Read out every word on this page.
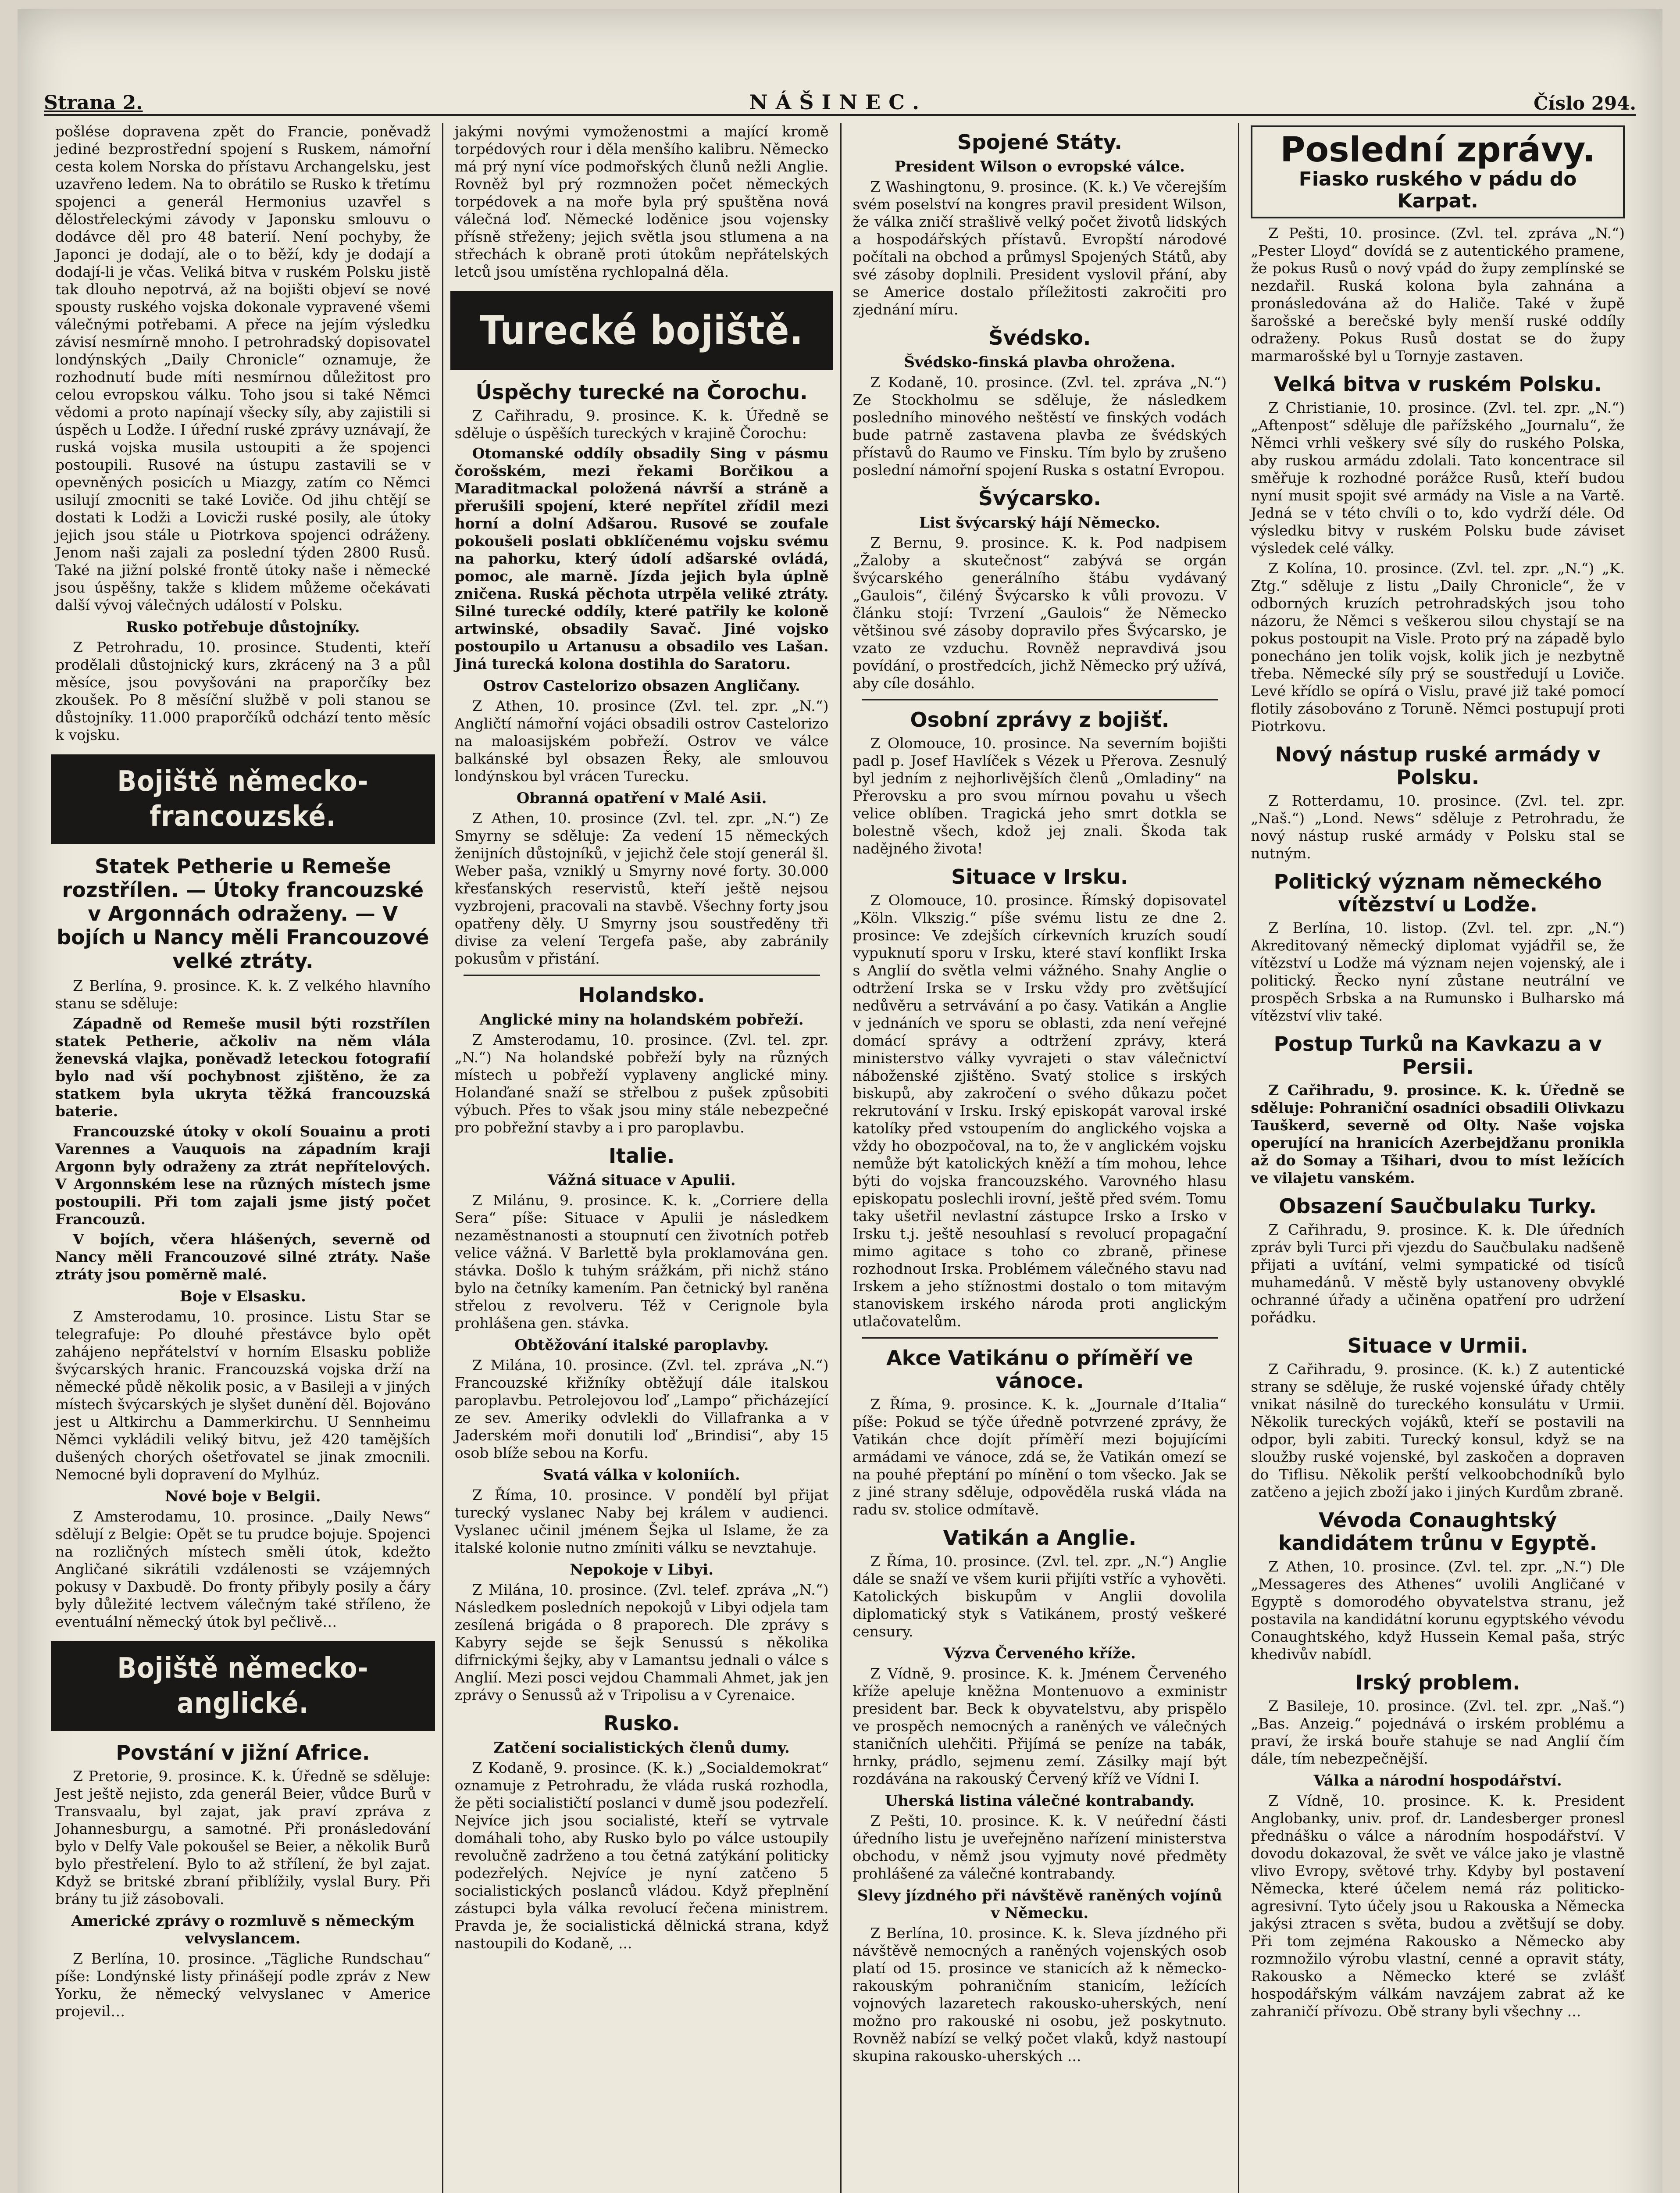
Strana 2.	NÁŠINEC.	Číslo 294.

pošlése dopravena zpět do Francie, poněvadž jediné bezprostřední spojení s Ruskem, námořní cesta kolem Norska do přístavu Archangelsku, jest uzavřeno ledem. Na to obrátilo se Rusko k třetímu spojenci a generál Hermonius uzavřel s dělostřeleckými závody v Japonsku smlouvu o dodávce děl pro 48 baterií. Není pochyby, že Japonci je dodají, ale o to běží, kdy je dodají a dodají-li je včas. Veliká bitva v ruském Polsku jistě tak dlouho nepotrvá, až na bojišti objeví se nové spousty ruského vojska dokonale vypravené všemi válečnými potřebami. A přece na jejím výsledku závisí nesmírně mnoho. I petrohradský dopisovatel londýnských „Daily Chronicle“ oznamuje, že rozhodnutí bude míti nesmírnou důležitost pro celou evropskou válku. Toho jsou si také Němci vědomi a proto napínají všecky síly, aby zajistili si úspěch u Lodže. I úřední ruské zprávy uznávají, že ruská vojska musila ustoupiti a že spojenci postoupili. Rusové na ústupu zastavili se v opevněných posicích u Miazgy, zatím co Němci usilují zmocniti se také Loviče. Od jihu chtějí se dostati k Lodži a Lovicži ruské posily, ale útoky jejich jsou stále u Piotrkova spojenci odráženy. Jenom naši zajali za poslední týden 2800 Rusů. Také na jižní polské frontě útoky naše i německé jsou úspěšny, takže s klidem můžeme očekávati další vývoj válečných událostí v Polsku.

Rusko potřebuje důstojníky.

Z Petrohradu, 10. prosince. Studenti, kteří prodělali důstojnický kurs, zkrácený na 3 a půl měsíce, jsou povyšováni na praporčíky bez zkoušek. Po 8 měsíční službě v poli stanou se důstojníky. 11.000 praporčíků odchází tento měsíc k vojsku.

Bojiště německo-francouzské.
Statek Petherie u Remeše rozstřílen. — Útoky francouzské v Argonnách odraženy. — V bojích u Nancy měli Francouzové velké ztráty.

Z Berlína, 9. prosince. K. k. Z velkého hlavního stanu se sděluje:

Západně od Remeše musil býti rozstřílen statek Petherie, ačkoliv na něm vlála ženevská vlajka, poněvadž leteckou fotografií bylo nad vší pochybnost zjištěno, že za statkem byla ukryta těžká francouzská baterie.

Francouzské útoky v okolí Souainu a proti Varennes a Vauquois na západním kraji Argonn byly odraženy za ztrát nepřítelových. V Argonnském lese na různých místech jsme postoupili. Při tom zajali jsme jistý počet Francouzů.

V bojích, včera hlášených, severně od Nancy měli Francouzové silné ztráty. Naše ztráty jsou poměrně malé.

Boje v Elsasku.

Z Amsterodamu, 10. prosince. Listu Star se telegrafuje: Po dlouhé přestávce bylo opět zahájeno nepřátelství v horním Elsasku pobliže švýcarských hranic. Francouzská vojska drží na německé půdě několik posic, a v Basileji a v jiných místech švýcarských je slyšet dunění děl. Bojováno jest u Altkirchu a Dammerkirchu. U Sennheimu Němci vykládili veliký bitvu, jež 420 tamějších dušených chorých ošetřovatel se jinak zmocnili. Nemocné byli dopravení do Mylhúz.

Nové boje v Belgii.

Z Amsterodamu, 10. prosince. „Daily News“ sdělují z Belgie: Opět se tu prudce bojuje. Spojenci na rozličných místech směli útok, kdežto Angličané sikrátili vzdálenosti se vzájemných pokusy v Daxbudě. Do fronty přibyly posily a čáry byly důležité lectvem válečným také stříleno, že eventuální německý útok byl pečlivě…

Bojiště německo-anglické.
Povstání v jižní Africe.

Z Pretorie, 9. prosince. K. k. Úředně se sděluje: Jest ještě nejisto, zda generál Beier, vůdce Burů v Transvaalu, byl zajat, jak praví zpráva z Johannesburgu, a samotné. Při pronásledování bylo v Delfy Vale pokoušel se Beier, a několik Burů bylo přestřelení. Bylo to až střílení, že byl zajat. Když se britské zbraní přiblížily, vyslal Bury. Při brány tu již zásobovali.

Americké zprávy o rozmluvě s německým velvyslancem.

Z Berlína, 10. prosince. „Tägliche Rundschau“ píše: Londýnské listy přinášejí podle zpráv z New Yorku, že německý velvyslanec v Americe projevil…

jakými novými vymoženostmi a mající kromě torpédových rour i děla menšího kalibru. Německo má prý nyní více podmořských člunů nežli Anglie. Rovněž byl prý rozmnožen počet německých torpédovek a na moře byla prý spuštěna nová válečná loď. Německé loděnice jsou vojensky přísně střeženy; jejich světla jsou stlumena a na střechách k obraně proti útokům nepřátelských letců jsou umístěna rychlopalná děla.

Turecké bojiště.
Úspěchy turecké na Čorochu.

Z Cařihradu, 9. prosince. K. k. Úředně se sděluje o úspěších tureckých v krajině Čorochu:

Otomanské oddíly obsadily Sing v pásmu čorošském, mezi řekami Borčikou a Maraditmackal položená návrší a stráně a přerušili spojení, které nepřítel zřídil mezi horní a dolní Adšarou. Rusové se zoufale pokoušeli poslati obklíčenému vojsku svému na pahorku, který údolí adšarské ovládá, pomoc, ale marně. Jízda jejich byla úplně zničena. Ruská pěchota utrpěla veliké ztráty. Silné turecké oddíly, které patřily ke koloně artwinské, obsadily Savač. Jiné vojsko postoupilo u Artanusu a obsadilo ves Lašan. Jiná turecká kolona dostihla do Saratoru.

Ostrov Castelorizo obsazen Angličany.

Z Athen, 10. prosince (Zvl. tel. zpr. „N.“) Angličtí námořní vojáci obsadili ostrov Castelorizo na maloasijském pobřeží. Ostrov ve válce balkánské byl obsazen Řeky, ale smlouvou londýnskou byl vrácen Turecku.

Obranná opatření v Malé Asii.

Z Athen, 10. prosince (Zvl. tel. zpr. „N.“) Ze Smyrny se sděluje: Za vedení 15 německých ženijních důstojníků, v jejichž čele stojí generál šl. Weber paša, vzniklý u Smyrny nové forty. 30.000 křesťanských reservistů, kteří ještě nejsou vyzbrojeni, pracovali na stavbě. Všechny forty jsou opatřeny děly. U Smyrny jsou soustředěny tři divise za velení Tergefa paše, aby zabránily pokusům v přistání.

Holandsko.
Anglické miny na holandském pobřeží.

Z Amsterodamu, 10. prosince. (Zvl. tel. zpr. „N.“) Na holandské pobřeží byly na různých místech u pobřeží vyplaveny anglické miny. Holanďané snaží se střelbou z pušek způsobiti výbuch. Přes to však jsou miny stále nebezpečné pro pobřežní stavby a i pro paroplavbu.

Italie.
Vážná situace v Apulii.

Z Milánu, 9. prosince. K. k. „Corriere della Sera“ píše: Situace v Apulii je následkem nezaměstnanosti a stoupnutí cen životních potřeb velice vážná. V Barlettě byla proklamována gen. stávka. Došlo k tuhým srážkám, při nichž stáno bylo na četníky kamením. Pan četnický byl raněna střelou z revolveru. Též v Cerignole byla prohlášena gen. stávka.

Obtěžování italské paroplavby.

Z Milána, 10. prosince. (Zvl. tel. zpráva „N.“) Francouzské křižníky obtěžují dále italskou paroplavbu. Petrolejovou loď „Lampo“ přicházející ze sev. Ameriky odvlekli do Villafranka a v Jaderském moři donutili loď „Brindisi“, aby 15 osob blíže sebou na Korfu.

Svatá válka v koloniích.

Z Říma, 10. prosince. V pondělí byl přijat turecký vyslanec Naby bej králem v audienci. Vyslanec učinil jménem Šejka ul Islame, že za italské kolonie nutno zmíniti válku se nevztahuje.

Nepokoje v Libyi.

Z Milána, 10. prosince. (Zvl. telef. zpráva „N.“) Následkem posledních nepokojů v Libyi odjela tam zesílená brigáda o 8 praporech. Dle zprávy s Kabyry sejde se šejk Senussú s několika difrnickými šejky, aby v Lamantsu jednali o válce s Anglií. Mezi posci vejdou Chammali Ahmet, jak jen zprávy o Senussů až v Tripolisu a v Cyrenaice.

Rusko.
Zatčení socialistických členů dumy.

Z Kodaně, 9. prosince. (K. k.) „Socialdemokrat“ oznamuje z Petrohradu, že vláda ruská rozhodla, že pěti socialističtí poslanci v dumě jsou podezřelí. Nejvíce jich jsou socialisté, kteří se vytrvale domáhali toho, aby Rusko bylo po válce ustoupily revolučně zadrženo a tou četná zatýkání politicky podezřelých. Nejvíce je nyní zatčeno 5 socialistických poslanců vládou. Když přeplnění zástupci byla válka revolucí řečena ministrem. Pravda je, že socialistická dělnická strana, když nastoupili do Kodaně, ...

Spojené Státy.
President Wilson o evropské válce.

Z Washingtonu, 9. prosince. (K. k.) Ve včerejším svém poselství na kongres pravil president Wilson, že válka zničí strašlivě velký počet životů lidských a hospodářských přístavů. Evropští národové počítali na obchod a průmysl Spojených Států, aby své zásoby doplnili. President vyslovil přání, aby se Americe dostalo příležitosti zakročiti pro zjednání míru.

Švédsko.
Švédsko-finská plavba ohrožena.

Z Kodaně, 10. prosince. (Zvl. tel. zpráva „N.“) Ze Stockholmu se sděluje, že následkem posledního minového neštěstí ve finských vodách bude patrně zastavena plavba ze švédských přístavů do Raumo ve Finsku. Tím bylo by zrušeno poslední námořní spojení Ruska s ostatní Evropou.

Švýcarsko.
List švýcarský hájí Německo.

Z Bernu, 9. prosince. K. k. Pod nadpisem „Žaloby a skutečnost“ zabývá se orgán švýcarského generálního štábu vydávaný „Gaulois“, čiléný Švýcarsko k vůli provozu. V článku stojí: Tvrzení „Gaulois“ že Německo většinou své zásoby dopravilo přes Švýcarsko, je vzato ze vzduchu. Rovněž nepravdivá jsou povídání, o prostředcích, jichž Německo prý užívá, aby cíle dosáhlo.

Osobní zprávy z bojišť.

Z Olomouce, 10. prosince. Na severním bojišti padl p. Josef Havlíček s Vézek u Přerova. Zesnulý byl jedním z nejhorlivějších členů „Omladiny“ na Přerovsku a pro svou mírnou povahu u všech velice oblíben. Tragická jeho smrt dotkla se bolestně všech, kdož jej znali. Škoda tak nadějného života!

Situace v Irsku.

Z Olomouce, 10. prosince. Římský dopisovatel „Köln. Vlkszig.“ píše svému listu ze dne 2. prosince: Ve zdejších církevních kruzích soudí vypuknutí sporu v Irsku, které staví konflikt Irska s Anglií do světla velmi vážného. Snahy Anglie o odtržení Irska se v Irsku vždy pro zvětšující nedůvěru a setrvávání a po časy. Vatikán a Anglie v jednáních ve sporu se oblasti, zda není veřejné domácí správy a odtržení zprávy, která ministerstvo války vyvrajeti o stav válečnictví náboženské zjištěno. Svatý stolice s irských biskupů, aby zakročení o svého důkazu počet rekrutování v Irsku. Irský episkopát varoval irské katolíky před vstoupením do anglického vojska a vždy ho obozpočoval, na to, že v anglickém vojsku nemůže být katolických kněží a tím mohou, lehce býti do vojska francouzského. Varovného hlasu episkopatu poslechli irovní, ještě před svém. Tomu taky ušetřil nevlastní zástupce Irsko a Irsko v Irsku t.j. ještě nesouhlasí s revolucí propagační mimo agitace s toho co zbraně, přinese rozhodnout Irska. Problémem válečného stavu nad Irskem a jeho stížnostmi dostalo o tom mitavým stanoviskem irského národa proti anglickým utlačovatelům.

Akce Vatikánu o příměří ve vánoce.

Z Říma, 9. prosince. K. k. „Journale d’Italia“ píše: Pokud se týče úředně potvrzené zprávy, že Vatikán chce dojít příměří mezi bojujícími armádami ve vánoce, zdá se, že Vatikán omezí se na pouhé přeptání po mínění o tom všecko. Jak se z jiné strany sděluje, odpověděla ruská vláda na radu sv. stolice odmítavě.

Vatikán a Anglie.

Z Říma, 10. prosince. (Zvl. tel. zpr. „N.“) Anglie dále se snaží ve všem kurii přijíti vstříc a vyhověti. Katolických biskupům v Anglii dovolila diplomatický styk s Vatikánem, prostý veškeré censury.

Výzva Červeného kříže.

Z Vídně, 9. prosince. K. k. Jménem Červeného kříže apeluje kněžna Montenuovo a exministr president bar. Beck k obyvatelstvu, aby prispělo ve prospěch nemocných a raněných ve válečných staničních ulehčiti. Přijímá se peníze na tabák, hrnky, prádlo, sejmenu zemí. Zásilky mají být rozdávána na rakouský Červený kříž ve Vídni I.

Uherská listina válečné kontrabandy.

Z Pešti, 10. prosince. K. k. V neúřední části úředního listu je uveřejněno nařízení ministerstva obchodu, v němž jsou vyjmuty nové předměty prohlášené za válečné kontrabandy.

Slevy jízdného při návštěvě raněných vojínů v Německu.

Z Berlína, 10. prosince. K. k. Sleva jízdného při návštěvě nemocných a raněných vojenských osob platí od 15. prosince ve stanicích až k německo-rakouským pohraničním stanicím, ležících vojnových lazaretech rakousko-uherských, není možno pro rakouské ni osobu, jež poskytnuto. Rovněž nabízí se velký počet vlaků, když nastoupí skupina rakousko-uherských ...

Poslední zprávy.
Fiasko ruského v pádu do Karpat.

Z Pešti, 10. prosince. (Zvl. tel. zpráva „N.“) „Pester Lloyd“ dovídá se z autentického pramene, že pokus Rusů o nový vpád do župy zemplínské se nezdařil. Ruská kolona byla zahnána a pronásledována až do Haliče. Také v župě šarošské a berečské byly menší ruské oddíly odraženy. Pokus Rusů dostat se do župy marmarošské byl u Tornyje zastaven.

Velká bitva v ruském Polsku.

Z Christianie, 10. prosince. (Zvl. tel. zpr. „N.“) „Aftenpost“ sděluje dle pařížského „Journalu“, že Němci vrhli veškery své síly do ruského Polska, aby ruskou armádu zdolali. Tato koncentrace sil směřuje k rozhodné porážce Rusů, kteří budou nyní musit spojit své armády na Visle a na Vartě. Jedná se v této chvíli o to, kdo vydrží déle. Od výsledku bitvy v ruském Polsku bude záviset výsledek celé války.

Z Kolína, 10. prosince. (Zvl. tel. zpr. „N.“) „K. Ztg.“ sděluje z listu „Daily Chronicle“, že v odborných kruzích petrohradských jsou toho názoru, že Němci s veškerou silou chystají se na pokus postoupit na Visle. Proto prý na západě bylo ponecháno jen tolik vojsk, kolik jich je nezbytně třeba. Německé síly prý se soustředují u Loviče. Levé křídlo se opírá o Vislu, pravé již také pomocí flotily zásobováno z Toruně. Němci postupují proti Piotrkovu.

Nový nástup ruské armády v Polsku.

Z Rotterdamu, 10. prosince. (Zvl. tel. zpr. „Naš.“) „Lond. News“ sděluje z Petrohradu, že nový nástup ruské armády v Polsku stal se nutným.

Politický význam německého vítězství u Lodže.

Z Berlína, 10. listop. (Zvl. tel. zpr. „N.“) Akreditovaný německý diplomat vyjádřil se, že vítězství u Lodže má význam nejen vojenský, ale i politický. Řecko nyní zůstane neutrální ve prospěch Srbska a na Rumunsko i Bulharsko má vítězství vliv také.

Postup Turků na Kavkazu a v Persii.

Z Cařihradu, 9. prosince. K. k. Úředně se sděluje: Pohraniční osadníci obsadili Olivkazu Tauškerd, severně od Olty. Naše vojska operující na hranicích Azerbejdžanu pronikla až do Somay a Tšihari, dvou to míst ležících ve vilajetu vanském.

Obsazení Saučbulaku Turky.

Z Cařihradu, 9. prosince. K. k. Dle úředních zpráv byli Turci při vjezdu do Saučbulaku nadšeně přijati a uvítání, velmi sympatické od tisíců muhamedánů. V městě byly ustanoveny obvyklé ochranné úřady a učiněna opatření pro udržení pořádku.

Situace v Urmii.

Z Cařihradu, 9. prosince. (K. k.) Z autentické strany se sděluje, že ruské vojenské úřady chtěly vnikat násilně do tureckého konsulátu v Urmii. Několik tureckých vojáků, kteří se postavili na odpor, byli zabiti. Turecký konsul, když se na sloužby ruské vojenské, byl zaskočen a dopraven do Tiflisu. Několik perští velkoobchodníků bylo zatčeno a jejich zboží jako i jiných Kurdům zbraně.

Vévoda Conaughtský kandidátem trůnu v Egyptě.

Z Athen, 10. prosince. (Zvl. tel. zpr. „N.“) Dle „Messageres des Athenes“ uvolili Angličané v Egyptě s domorodého obyvatelstva stranu, jež postavila na kandidátní korunu egyptského vévodu Conaughtského, když Hussein Kemal paša, strýc khedivův nabídl.

Irský problem.

Z Basileje, 10. prosince. (Zvl. tel. zpr. „Naš.“) „Bas. Anzeig.“ pojednává o irském problému a praví, že irská bouře stahuje se nad Anglií čím dále, tím nebezpečnější.

Válka a národní hospodářství.

Z Vídně, 10. prosince. K. k. President Anglobanky, univ. prof. dr. Landesberger pronesl přednášku o válce a národním hospodářství. V dovodu dokazoval, že svět ve válce jako je vlastně vlivo Evropy, světové trhy. Kdyby byl postavení Německa, které účelem nemá ráz politicko-agresivní. Tyto účely jsou u Rakouska a Německa jakýsi ztracen s světa, budou a zvětšují se doby. Při tom zejména Rakousko a Německo aby rozmnožilo výrobu vlastní, cenné a opravit státy, Rakousko a Německo které se zvlášť hospodářským válkám navzájem zabrat až ke zahraničí přívozu. Obě strany byli všechny ...
